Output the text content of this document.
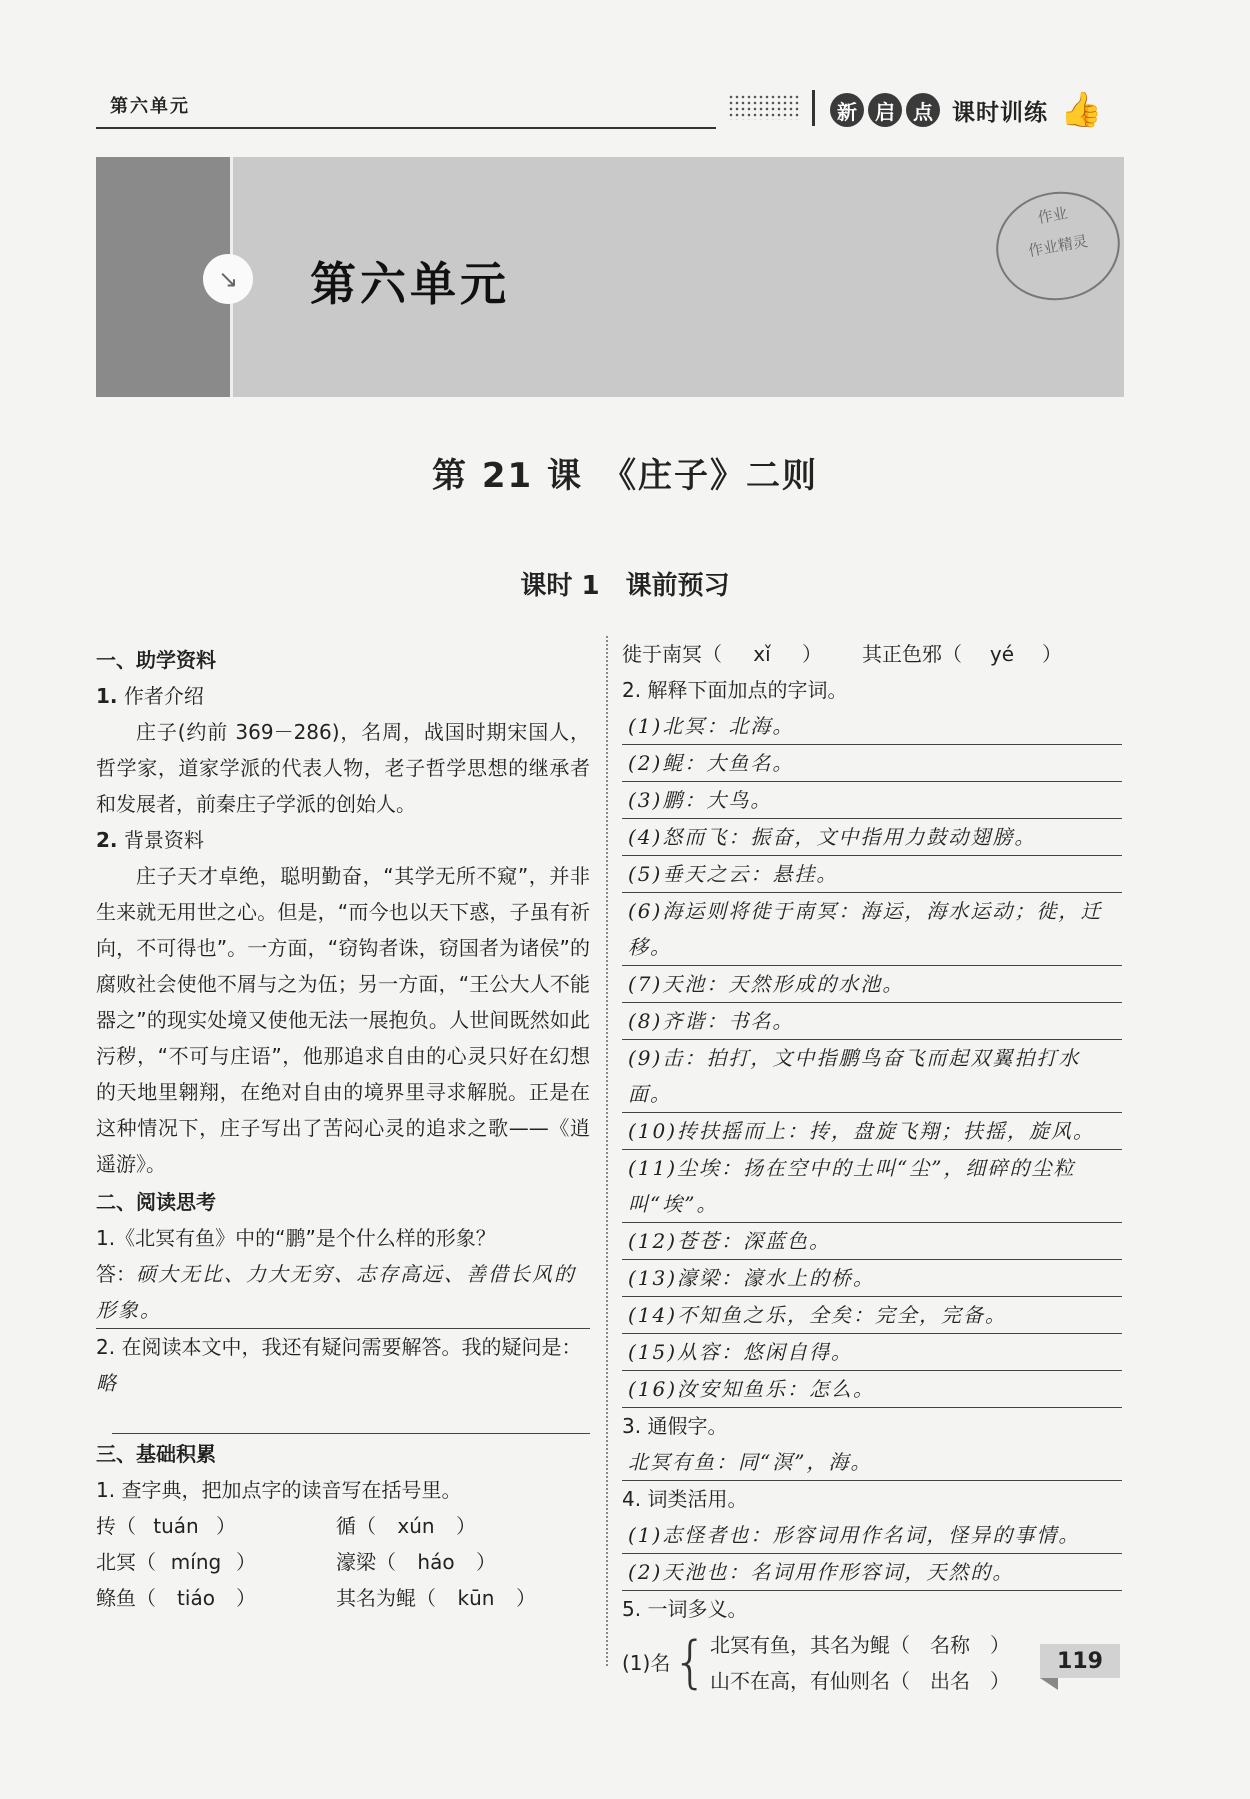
第六单元	新 启 点 课时训练 👍
↘	第六单元
作业
作业精灵
第 21 课　《庄子》二则
课时 1　课前预习
一、助学资料
1. 作者介绍
庄子(约前 369－286)，名周，战国时期宋国人，哲学家，道家学派的代表人物，老子哲学思想的继承者和发展者，前秦庄子学派的创始人。
2. 背景资料
庄子天才卓绝，聪明勤奋，“其学无所不窥”，并非生来就无用世之心。但是，“而今也以天下惑，子虽有祈向，不可得也”。一方面，“窃钩者诛，窃国者为诸侯”的腐败社会使他不屑与之为伍；另一方面，“王公大人不能器之”的现实处境又使他无法一展抱负。人世间既然如此污秽，“不可与庄语”，他那追求自由的心灵只好在幻想的天地里翱翔，在绝对自由的境界里寻求解脱。正是在这种情况下，庄子写出了苦闷心灵的追求之歌——《逍遥游》。
二、阅读思考
1.《北冥有鱼》中的“鹏”是个什么样的形象？
答：硕大无比、力大无穷、志存高远、善借长风的形象。
2. 在阅读本文中，我还有疑问需要解答。我的疑问是：略
三、基础积累
1. 查字典，把加点字的读音写在括号里。
抟（ tuán ）	循（ xún ）
北冥（ míng ）	濠梁（ háo ）
鲦鱼（ tiáo ）	其名为鲲（ kūn ）
徙于南冥（ xǐ ）	其正色邪（ yé ）
2. 解释下面加点的字词。
(1)北冥：北海。
(2)鲲：大鱼名。
(3)鹏：大鸟。
(4)怒而飞：振奋，文中指用力鼓动翅膀。
(5)垂天之云：悬挂。
(6)海运则将徙于南冥：海运，海水运动；徙，迁移。
(7)天池：天然形成的水池。
(8)齐谐：书名。
(9)击：拍打，文中指鹏鸟奋飞而起双翼拍打水面。
(10)抟扶摇而上：抟，盘旋飞翔；扶摇，旋风。
(11)尘埃：扬在空中的土叫“尘”，细碎的尘粒叫“埃”。
(12)苍苍：深蓝色。
(13)濠梁：濠水上的桥。
(14)不知鱼之乐，全矣：完全，完备。
(15)从容：悠闲自得。
(16)汝安知鱼乐：怎么。
3. 通假字。
北冥有鱼：同“溟”，海。
4. 词类活用。
(1)志怪者也：形容词用作名词，怪异的事情。
(2)天池也：名词用作形容词，天然的。
5. 一词多义。
(1)名 { 北冥有鱼，其名为鲲（　名称　）
山不在高，有仙则名（　出名　）
119
